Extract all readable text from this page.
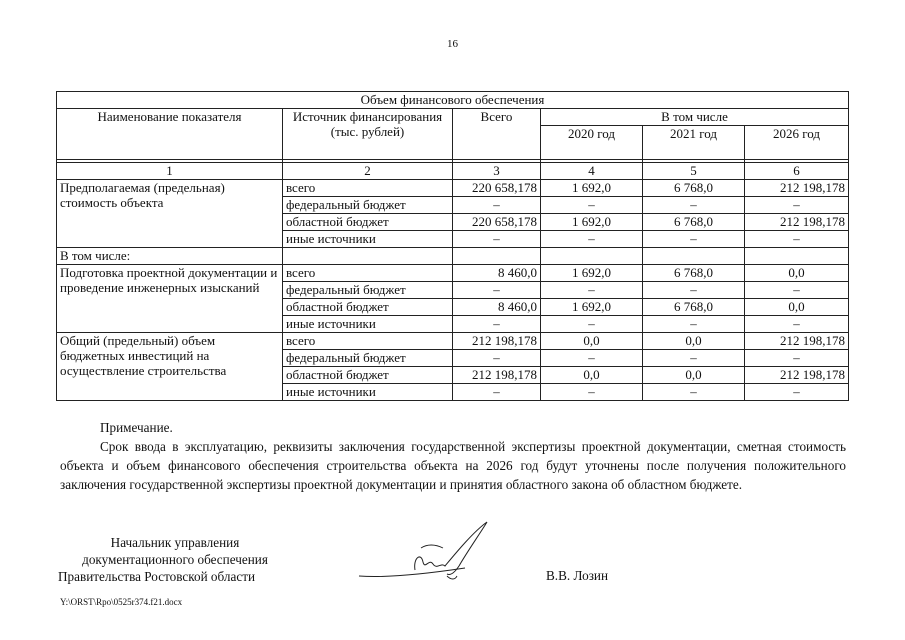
16
Объем финансового обеспечения					
Наименование показателя	Источник финансирования (тыс. рублей)	Всего	В том числе		
			2020 год	2021 год	2026 год

1	2	3	4	5	6
Предполагаемая (предельная) стоимость объекта	всего	220 658,178	1 692,0	6 768,0	212 198,178
	федеральный бюджет	–	–	–	–
	областной бюджет	220 658,178	1 692,0	6 768,0	212 198,178
	иные источники	–	–	–	–
В том числе:					
Подготовка проектной документации и проведение инженерных изысканий	всего	8 460,0	1 692,0	6 768,0	0,0
	федеральный бюджет	–	–	–	–
	областной бюджет	8 460,0	1 692,0	6 768,0	0,0
	иные источники	–	–	–	–
Общий (предельный) объем бюджетных инвестиций на осуществление строительства	всего	212 198,178	0,0	0,0	212 198,178
	федеральный бюджет	–	–	–	–
	областной бюджет	212 198,178	0,0	0,0	212 198,178
	иные источники	–	–	–	–
Примечание.
Срок ввода в эксплуатацию, реквизиты заключения государственной экспертизы проектной документации, сметная стоимость объекта и объем финансового обеспечения строительства объекта на 2026 год будут уточнены после получения положительного заключения государственной экспертизы проектной документации и принятия областного закона об областном бюджете.
Начальник управления
документационного обеспечения
Правительства Ростовской области	В.В. Лозин
Y:\ORST\Rpo\0525r374.f21.docx
